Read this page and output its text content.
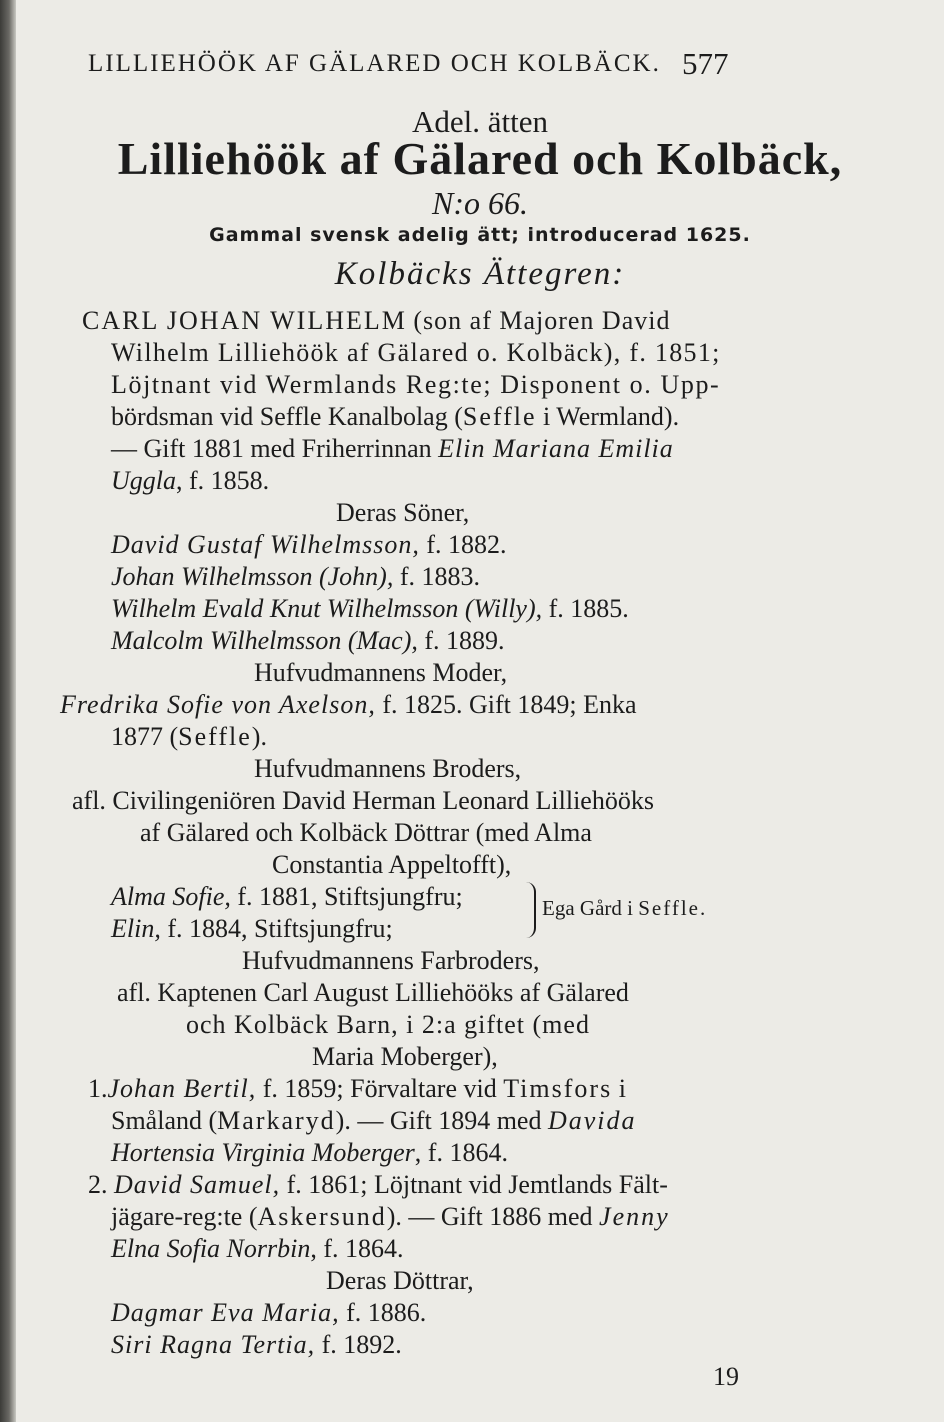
LILLIEHÖÖK AF GÄLARED OCH KOLBÄCK. 577
Adel. ätten
Lilliehöök af Gälared och Kolbäck,
N:o 66.
Gammal svensk adelig ätt; introducerad 1625.
Kolbäcks Ättegren:
CARL JOHAN WILHELM (son af Majoren David
Wilhelm Lilliehöök af Gälared o. Kolbäck), f. 1851;
Löjtnant vid Wermlands Reg:te; Disponent o. Upp-
bördsman vid Seffle Kanalbolag (Seffle i Wermland).
— Gift 1881 med Friherrinnan Elin Mariana Emilia
Uggla, f. 1858.
Deras Söner,
David Gustaf Wilhelmsson, f. 1882.
Johan Wilhelmsson (John), f. 1883.
Wilhelm Evald Knut Wilhelmsson (Willy), f. 1885.
Malcolm Wilhelmsson (Mac), f. 1889.
Hufvudmannens Moder,
Fredrika Sofie von Axelson, f. 1825. Gift 1849; Enka
1877 (Seffle).
Hufvudmannens Broders,
afl. Civilingeniören David Herman Leonard Lilliehööks
af Gälared och Kolbäck Döttrar (med Alma
Constantia Appeltofft),
Alma Sofie, f. 1881, Stiftsjungfru;
Elin, f. 1884, Stiftsjungfru;
Ega Gård i Seffle.
Hufvudmannens Farbroders,
afl. Kaptenen Carl August Lilliehööks af Gälared
och Kolbäck Barn, i 2:a giftet (med
Maria Moberger),
1.Johan Bertil, f. 1859; Förvaltare vid Timsfors i
Småland (Markaryd). — Gift 1894 med Davida
Hortensia Virginia Moberger, f. 1864.
2. David Samuel, f. 1861; Löjtnant vid Jemtlands Fält-
jägare-reg:te (Askersund). — Gift 1886 med Jenny
Elna Sofia Norrbin, f. 1864.
Deras Döttrar,
Dagmar Eva Maria, f. 1886.
Siri Ragna Tertia, f. 1892.
19
